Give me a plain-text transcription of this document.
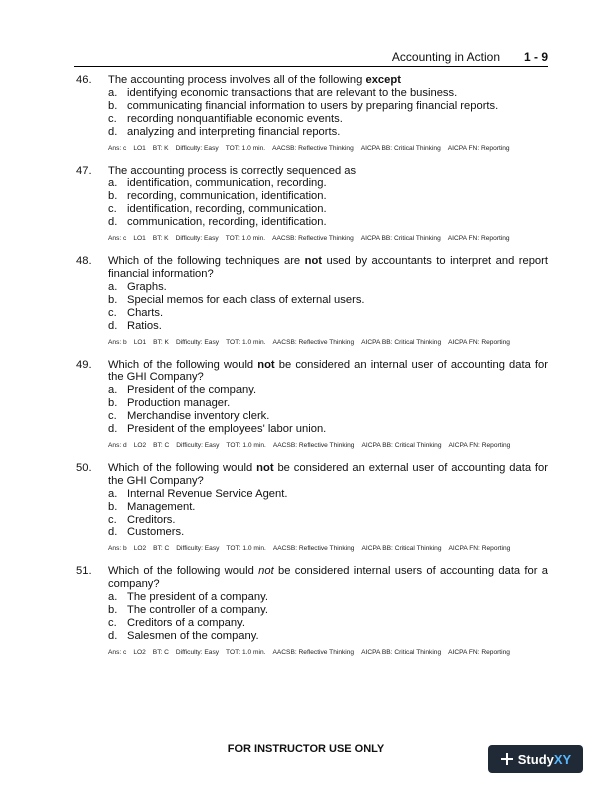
Accounting in Action 1 - 9
46.	The accounting process involves all of the following except
a. identifying economic transactions that are relevant to the business.
b. communicating financial information to users by preparing financial reports.
c. recording nonquantifiable economic events.
d. analyzing and interpreting financial reports.
Ans: c LO1 BT: K Difficulty: Easy TOT: 1.0 min. AACSB: Reflective Thinking AICPA BB: Critical Thinking AICPA FN: Reporting
47.	The accounting process is correctly sequenced as
a. identification, communication, recording.
b. recording, communication, identification.
c. identification, recording, communication.
d. communication, recording, identification.
Ans: c LO1 BT: K Difficulty: Easy TOT: 1.0 min. AACSB: Reflective Thinking AICPA BB: Critical Thinking AICPA FN: Reporting
48.	Which of the following techniques are not used by accountants to interpret and report financial information?
a. Graphs.
b. Special memos for each class of external users.
c. Charts.
d. Ratios.
Ans: b LO1 BT: K Difficulty: Easy TOT: 1.0 min. AACSB: Reflective Thinking AICPA BB: Critical Thinking AICPA FN: Reporting
49.	Which of the following would not be considered an internal user of accounting data for the GHI Company?
a. President of the company.
b. Production manager.
c. Merchandise inventory clerk.
d. President of the employees' labor union.
Ans: d LO2 BT: C Difficulty: Easy TOT: 1.0 min. AACSB: Reflective Thinking AICPA BB: Critical Thinking AICPA FN: Reporting
50.	Which of the following would not be considered an external user of accounting data for the GHI Company?
a. Internal Revenue Service Agent.
b. Management.
c. Creditors.
d. Customers.
Ans: b LO2 BT: C Difficulty: Easy TOT: 1.0 min. AACSB: Reflective Thinking AICPA BB: Critical Thinking AICPA FN: Reporting
51.	Which of the following would not be considered internal users of accounting data for a company?
a. The president of a company.
b. The controller of a company.
c. Creditors of a company.
d. Salesmen of the company.
Ans: c LO2 BT: C Difficulty: Easy TOT: 1.0 min. AACSB: Reflective Thinking AICPA BB: Critical Thinking AICPA FN: Reporting
FOR INSTRUCTOR USE ONLY
Study XY
